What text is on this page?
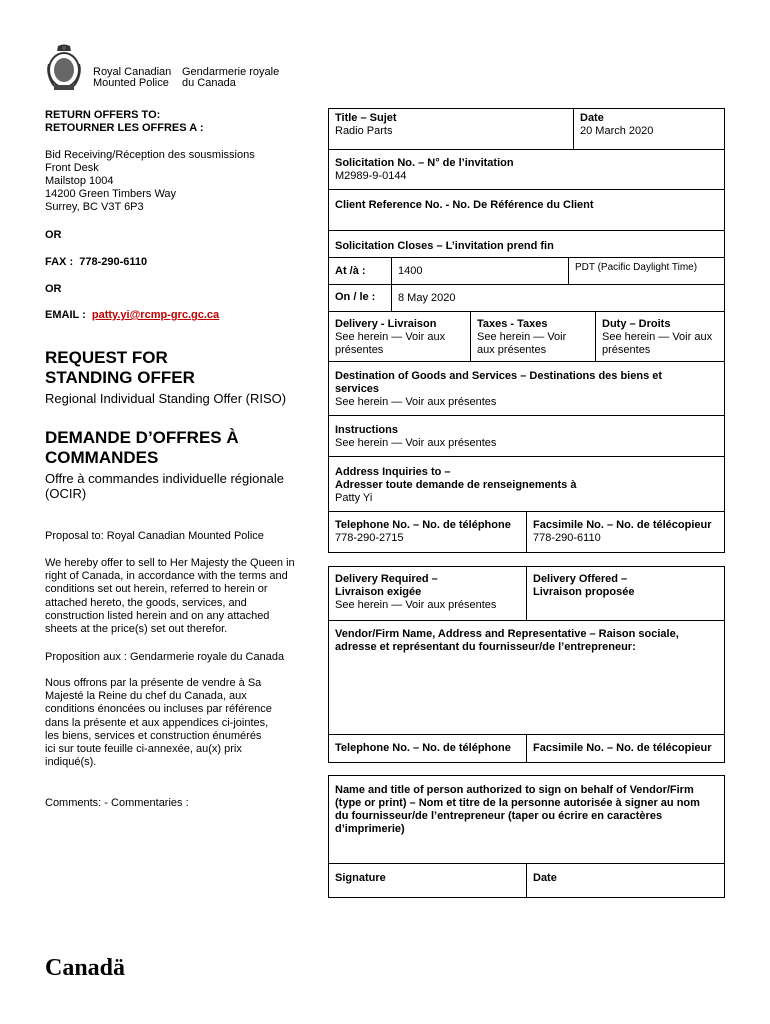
Royal Canadian
Mounted Police
Gendarmerie royale
du Canada
RETURN OFFERS TO:
RETOURNER LES OFFRES A :
Bid Receiving/Réception des sousmissions
Front Desk
Mailstop 1004
14200 Green Timbers Way
Surrey, BC V3T 6P3
OR
FAX : 778-290-6110
OR
EMAIL : patty.yi@rcmp-grc.gc.ca
REQUEST FOR
STANDING OFFER
Regional Individual Standing Offer (RISO)
DEMANDE D’OFFRES À
COMMANDES
Offre à commandes individuelle régionale
(OCIR)
Proposal to: Royal Canadian Mounted Police
We hereby offer to sell to Her Majesty the Queen in
right of Canada, in accordance with the terms and
conditions set out herein, referred to herein or
attached hereto, the goods, services, and
construction listed herein and on any attached
sheets at the price(s) set out therefor.
Proposition aux : Gendarmerie royale du Canada
Nous offrons par la présente de vendre à Sa
Majesté la Reine du chef du Canada, aux
conditions énoncées ou incluses par référence
dans la présente et aux appendices ci-jointes,
les biens, services et construction énumérés
ici sur toute feuille ci-annexée, au(x) prix
indiqué(s).
Comments: - Commentaries :
Title – Sujet
Radio Parts
Date
20 March 2020
Solicitation No. – N° de l’invitation
M2989-9-0144
Client Reference No. - No. De Référence du Client
Solicitation Closes – L’invitation prend fin
At /à :	1400	PDT (Pacific Daylight Time)
On / le :	8 May 2020
Delivery - Livraison
See herein — Voir aux
présentes
Taxes - Taxes
See herein — Voir
aux présentes
Duty – Droits
See herein — Voir aux
présentes
Destination of Goods and Services – Destinations des biens et
services
See herein — Voir aux présentes
Instructions
See herein — Voir aux présentes
Address Inquiries to –
Adresser toute demande de renseignements à
Patty Yi
Telephone No. – No. de téléphone
778-290-2715
Facsimile No. – No. de télécopieur
778-290-6110
Delivery Required –
Livraison exigée
See herein — Voir aux présentes
Delivery Offered –
Livraison proposée
Vendor/Firm Name, Address and Representative – Raison sociale,
adresse et représentant du fournisseur/de l’entrepreneur:
Telephone No. – No. de téléphone	Facsimile No. – No. de télécopieur
Name and title of person authorized to sign on behalf of Vendor/Firm
(type or print) – Nom et titre de la personne autorisée à signer au nom
du fournisseur/de l’entrepreneur (taper ou écrire en caractères
d’imprimerie)
Signature	Date
Canadä
